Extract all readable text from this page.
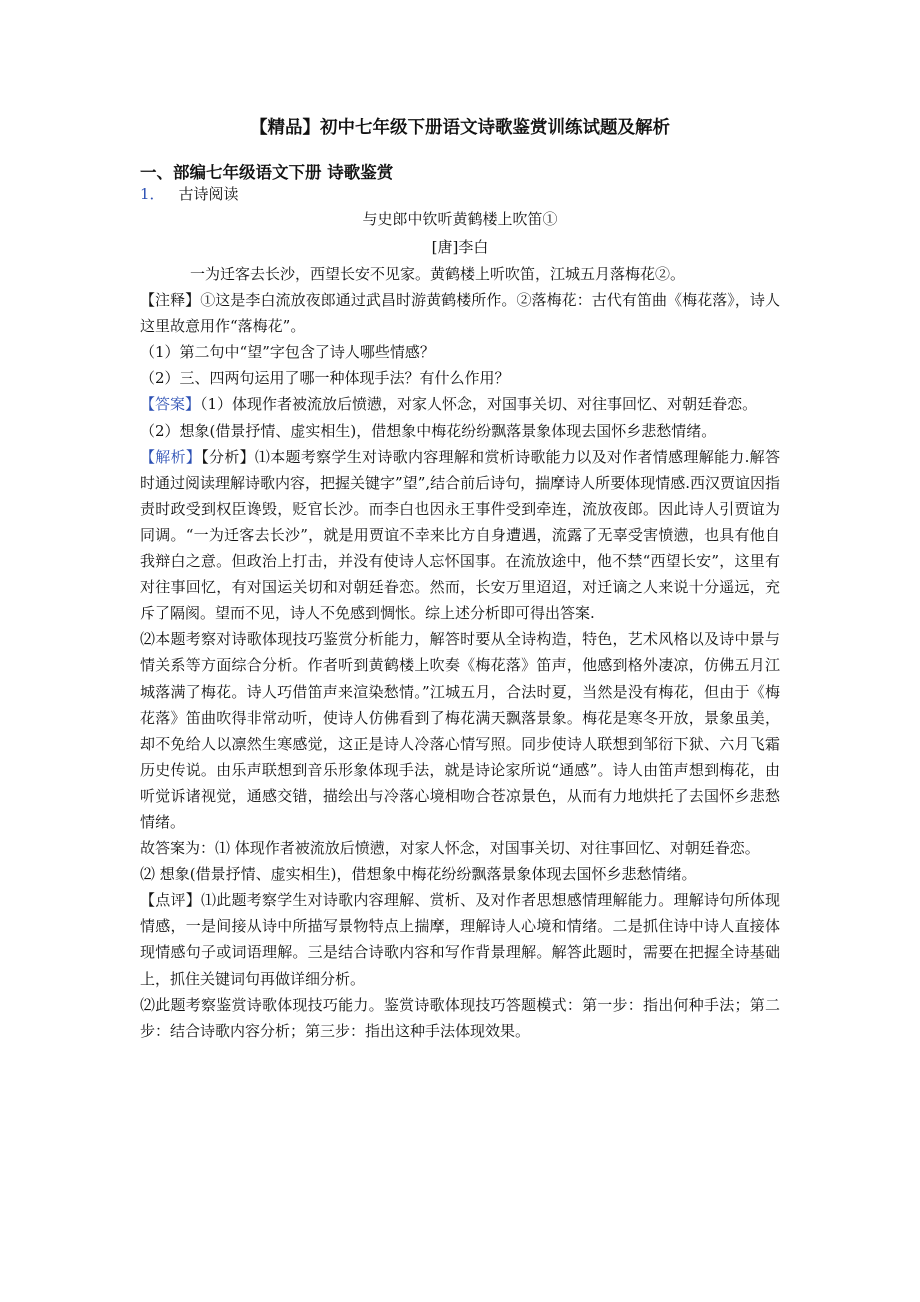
【精品】初中七年级下册语文诗歌鉴赏训练试题及解析
一、部编七年级语文下册 诗歌鉴赏
1． 古诗阅读
与史郎中钦听黄鹤楼上吹笛①
[唐]李白

一为迁客去长沙，西望长安不见家。黄鹤楼上听吹笛，江城五月落梅花②。

【注释】①这是李白流放夜郎通过武昌时游黄鹤楼所作。②落梅花：古代有笛曲《梅花落》，诗人这里故意用作“落梅花”。

（1）第二句中“望”字包含了诗人哪些情感？

（2）三、四两句运用了哪一种体现手法？有什么作用？

【答案】（1）体现作者被流放后愤懑，对家人怀念，对国事关切、对往事回忆、对朝廷眷恋。

（2）想象(借景抒情、虚实相生)，借想象中梅花纷纷飘落景象体现去国怀乡悲愁情绪。

【解析】【分析】⑴本题考察学生对诗歌内容理解和赏析诗歌能力以及对作者情感理解能力.解答时通过阅读理解诗歌内容，把握关键字”望”,结合前后诗句，揣摩诗人所要体现情感.西汉贾谊因指责时政受到权臣谗毁，贬官长沙。而李白也因永王事件受到牵连，流放夜郎。因此诗人引贾谊为同调。“一为迁客去长沙”，就是用贾谊不幸来比方自身遭遇，流露了无辜受害愤懑，也具有他自我辩白之意。但政治上打击，并没有使诗人忘怀国事。在流放途中，他不禁“西望长安”，这里有对往事回忆，有对国运关切和对朝廷眷恋。然而，长安万里迢迢，对迁谪之人来说十分遥远，充斥了隔阂。望而不见，诗人不免感到惆怅。综上述分析即可得出答案.

⑵本题考察对诗歌体现技巧鉴赏分析能力，解答时要从全诗构造，特色，艺术风格以及诗中景与情关系等方面综合分析。作者听到黄鹤楼上吹奏《梅花落》笛声，他感到格外凄凉，仿佛五月江城落满了梅花。诗人巧借笛声来渲染愁情。”江城五月，合法时夏，当然是没有梅花，但由于《梅花落》笛曲吹得非常动听，使诗人仿佛看到了梅花满天飘落景象。梅花是寒冬开放，景象虽美，却不免给人以凛然生寒感觉，这正是诗人冷落心情写照。同步使诗人联想到邹衍下狱、六月飞霜历史传说。由乐声联想到音乐形象体现手法，就是诗论家所说“通感”。诗人由笛声想到梅花，由听觉诉诸视觉，通感交错，描绘出与冷落心境相吻合苍凉景色，从而有力地烘托了去国怀乡悲愁情绪。

故答案为：⑴ 体现作者被流放后愤懑，对家人怀念，对国事关切、对往事回忆、对朝廷眷恋。

⑵ 想象(借景抒情、虚实相生)，借想象中梅花纷纷飘落景象体现去国怀乡悲愁情绪。

【点评】⑴此题考察学生对诗歌内容理解、赏析、及对作者思想感情理解能力。理解诗句所体现情感，一是间接从诗中所描写景物特点上揣摩，理解诗人心境和情绪。二是抓住诗中诗人直接体现情感句子或词语理解。三是结合诗歌内容和写作背景理解。解答此题时，需要在把握全诗基础上，抓住关键词句再做详细分析。

⑵此题考察鉴赏诗歌体现技巧能力。鉴赏诗歌体现技巧答题模式：第一步：指出何种手法；第二步：结合诗歌内容分析；第三步：指出这种手法体现效果。
